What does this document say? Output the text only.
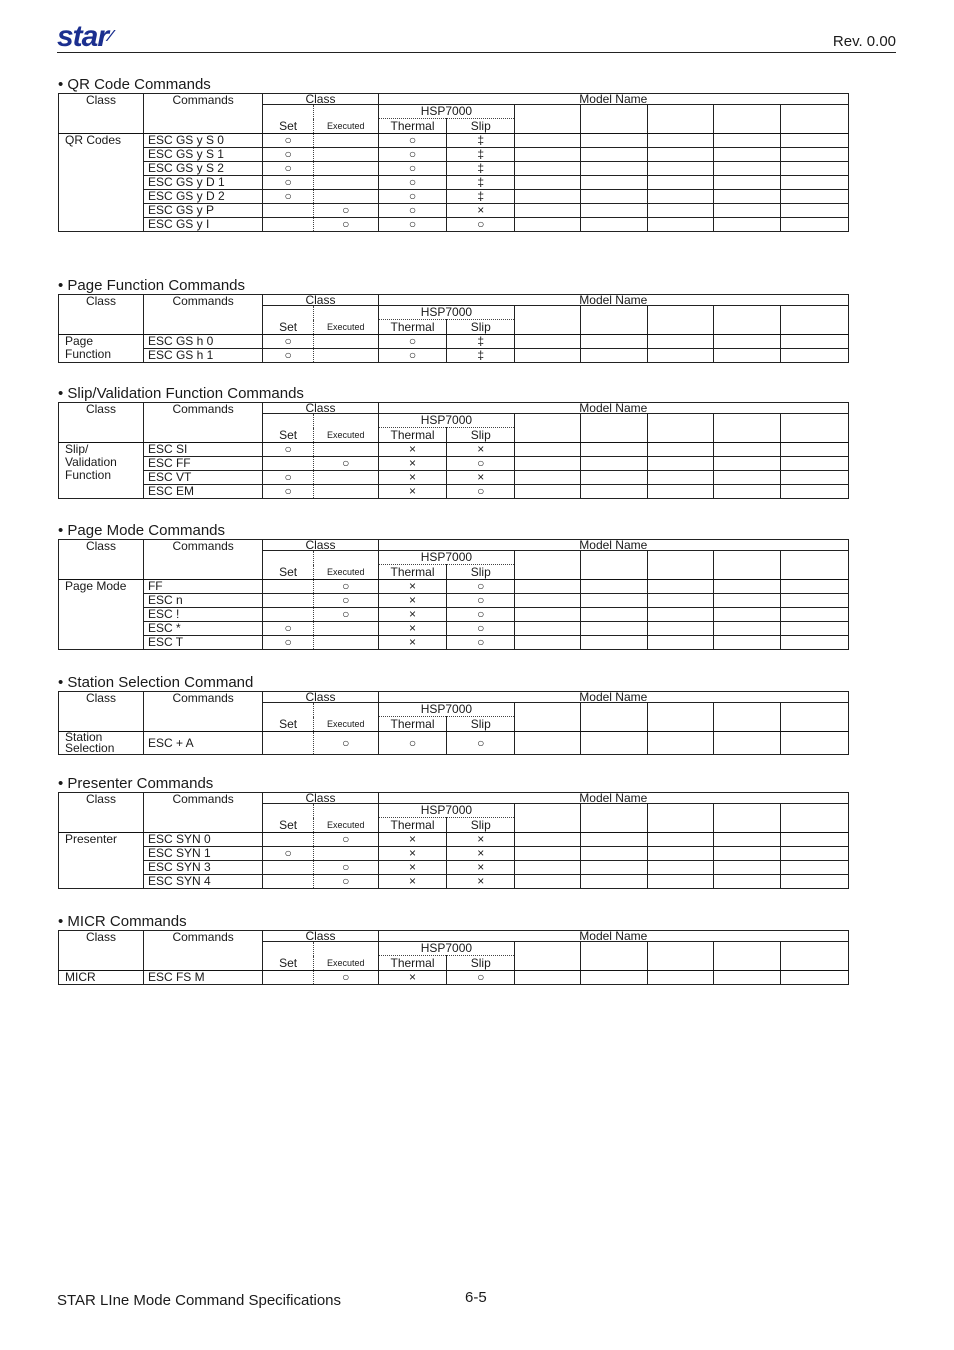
star⁄	Rev. 0.00
• QR Code Commands
Class	Commands	Class		Model Name						
		Set	Executed	HSP7000						
				Thermal	Slip					
QR Codes	ESC GS y S 0	○		○	‡					
	ESC GS y S 1	○		○	‡					
	ESC GS y S 2	○		○	‡					
	ESC GS y D 1	○		○	‡					
	ESC GS y D 2	○		○	‡					
	ESC GS y P		○	○	×					
	ESC GS y I		○	○	○					
• Page Function Commands
Class	Commands	Class		Model Name						
		Set	Executed	HSP7000						
				Thermal	Slip					

Page
Function	ESC GS h 0	○		○	‡					
	ESC GS h 1	○		○	‡					
• Slip/Validation Function Commands
Class	Commands	Class		Model Name						
		Set	Executed	HSP7000						
				Thermal	Slip					

Slip/
Validation
Function	ESC SI	○		×	×					
	ESC FF		○	×	○					
	ESC VT	○		×	×					
	ESC EM	○		×	○					
• Page Mode Commands
Class	Commands	Class		Model Name						
		Set	Executed	HSP7000						
				Thermal	Slip					
Page Mode	FF		○	×	○					
	ESC n		○	×	○					
	ESC !		○	×	○					
	ESC *	○		×	○					
	ESC T	○		×	○					
• Station Selection Command
Class	Commands	Class		Model Name						
		Set	Executed	HSP7000						
				Thermal	Slip					

Station
Selection	ESC + A		○	○	○					
• Presenter Commands
Class	Commands	Class		Model Name						
		Set	Executed	HSP7000						
				Thermal	Slip					
Presenter	ESC SYN 0		○	×	×					
	ESC SYN 1	○		×	×					
	ESC SYN 3		○	×	×					
	ESC SYN 4		○	×	×					
• MICR Commands
Class	Commands	Class		Model Name						
		Set	Executed	HSP7000						
				Thermal	Slip					
MICR	ESC FS M		○	×	○					
STAR LIne Mode Command Specifications	6-5
